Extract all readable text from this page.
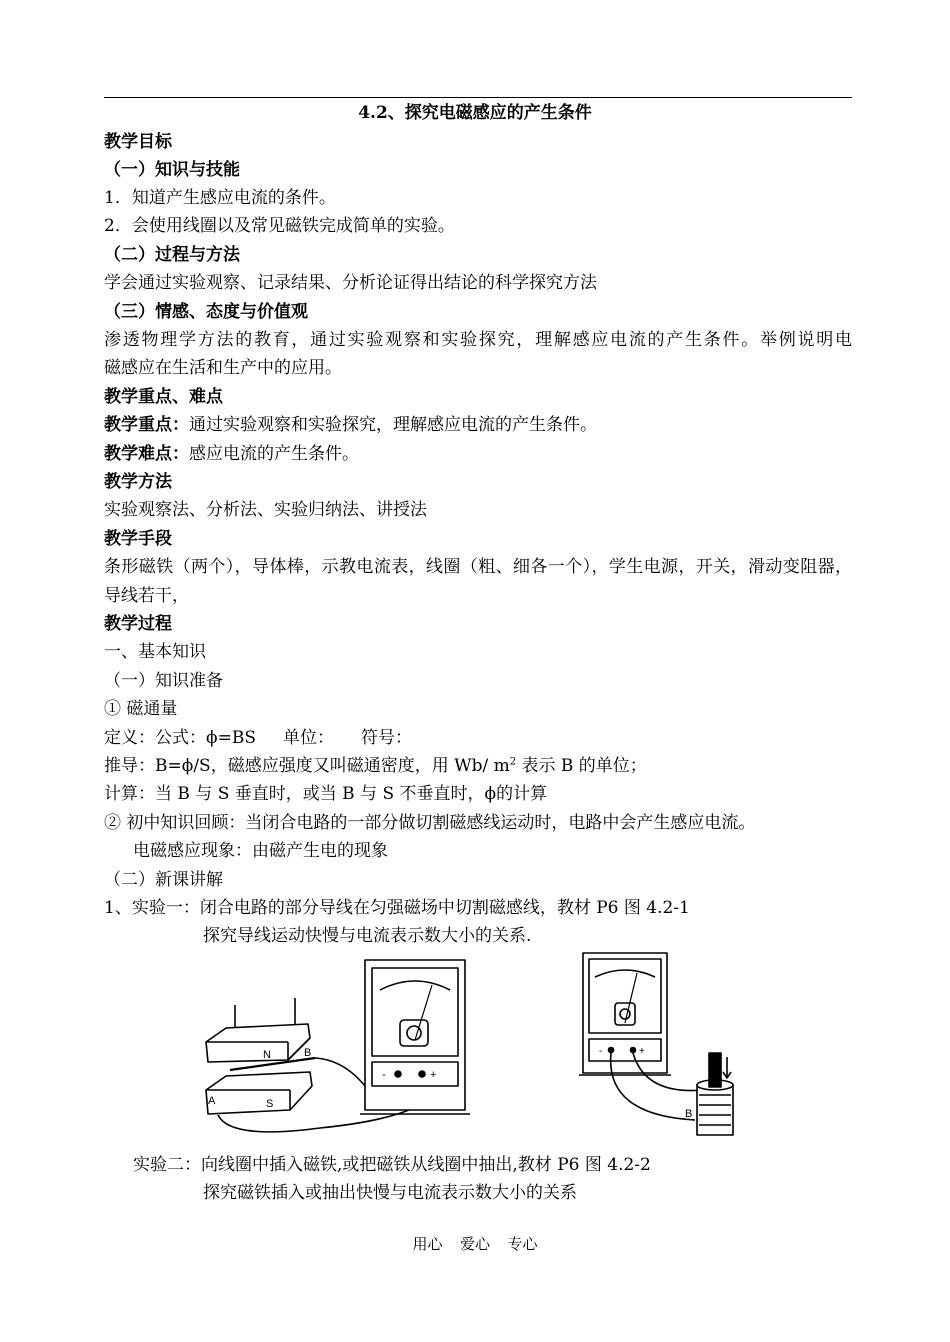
4.2、探究电磁感应的产生条件
教学目标
（一）知识与技能
1．知道产生感应电流的条件。
2．会使用线圈以及常见磁铁完成简单的实验。
（二）过程与方法
学会通过实验观察、记录结果、分析论证得出结论的科学探究方法
（三）情感、态度与价值观
渗透物理学方法的教育，通过实验观察和实验探究，理解感应电流的产生条件。举例说明电
磁感应在生活和生产中的应用。
教学重点、难点
教学重点：通过实验观察和实验探究，理解感应电流的产生条件。
教学难点：感应电流的产生条件。
教学方法
实验观察法、分析法、实验归纳法、讲授法
教学手段
条形磁铁（两个），导体棒，示教电流表，线圈（粗、细各一个），学生电源，开关，滑动变阻器，
导线若干，
教学过程
一、基本知识
（一）知识准备
① 磁通量
定义：公式：ϕ=BS     单位：     符号：
推导：B=ϕ/S，磁感应强度又叫磁通密度，用 Wb/ $m^2$ 表示 B 的单位；
计算：当 B 与 S 垂直时，或当 B 与 S 不垂直时，ϕ的计算
② 初中知识回顾：当闭合电路的一部分做切割磁感线运动时，电路中会产生感应电流。
电磁感应现象：由磁产生电的现象
（二）新课讲解
1、实验一：闭合电路的部分导线在匀强磁场中切割磁感线，教材 P6 图 4.2-1
探究导线运动快慢与电流表示数大小的关系.
N
S
A
B
-	+
B
-	+
实验二：向线圈中插入磁铁,或把磁铁从线圈中抽出,教材 P6 图 4.2-2
探究磁铁插入或抽出快慢与电流表示数大小的关系
用心  爱心  专心
